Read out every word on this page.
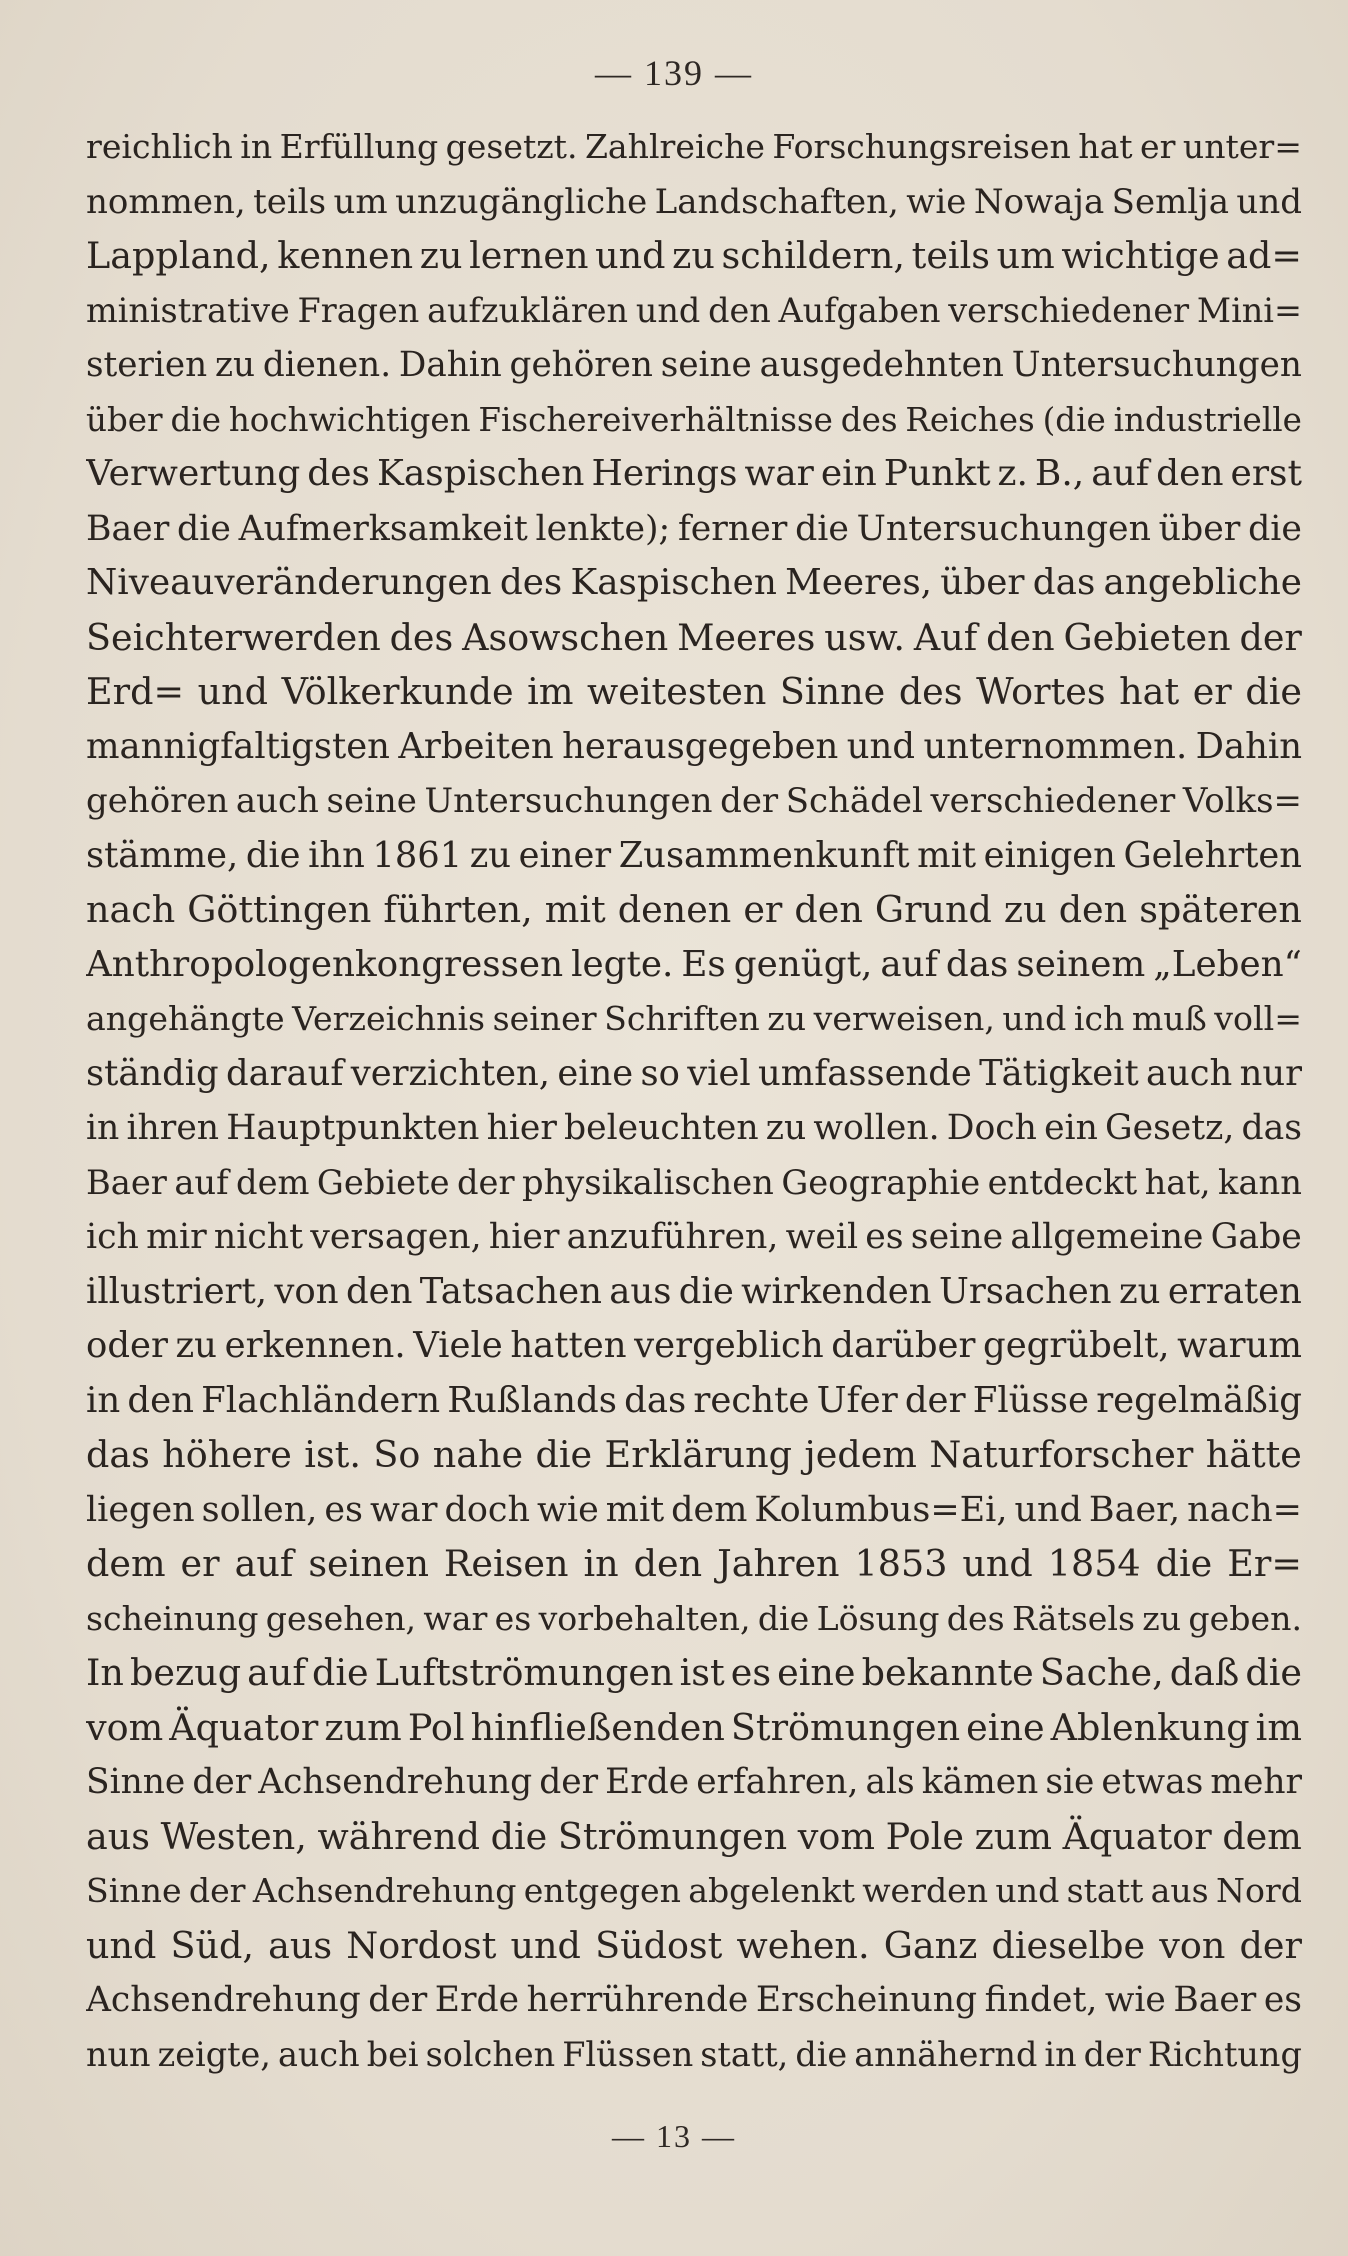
— 139 —
reichlich in Erfüllung gesetzt. Zahlreiche Forschungsreisen hat er unter=
nommen, teils um unzugängliche Landschaften, wie Nowaja Semlja und
Lappland, kennen zu lernen und zu schildern, teils um wichtige ad=
ministrative Fragen aufzuklären und den Aufgaben verschiedener Mini=
sterien zu dienen. Dahin gehören seine ausgedehnten Untersuchungen
über die hochwichtigen Fischereiverhältnisse des Reiches (die industrielle
Verwertung des Kaspischen Herings war ein Punkt z. B., auf den erst
Baer die Aufmerksamkeit lenkte); ferner die Untersuchungen über die
Niveauveränderungen des Kaspischen Meeres, über das angebliche
Seichterwerden des Asowschen Meeres usw. Auf den Gebieten der
Erd= und Völkerkunde im weitesten Sinne des Wortes hat er die
mannigfaltigsten Arbeiten herausgegeben und unternommen. Dahin
gehören auch seine Untersuchungen der Schädel verschiedener Volks=
stämme, die ihn 1861 zu einer Zusammenkunft mit einigen Gelehrten
nach Göttingen führten, mit denen er den Grund zu den späteren
Anthropologenkongressen legte. Es genügt, auf das seinem „Leben“
angehängte Verzeichnis seiner Schriften zu verweisen, und ich muß voll=
ständig darauf verzichten, eine so viel umfassende Tätigkeit auch nur
in ihren Hauptpunkten hier beleuchten zu wollen. Doch ein Gesetz, das
Baer auf dem Gebiete der physikalischen Geographie entdeckt hat, kann
ich mir nicht versagen, hier anzuführen, weil es seine allgemeine Gabe
illustriert, von den Tatsachen aus die wirkenden Ursachen zu erraten
oder zu erkennen. Viele hatten vergeblich darüber gegrübelt, warum
in den Flachländern Rußlands das rechte Ufer der Flüsse regelmäßig
das höhere ist. So nahe die Erklärung jedem Naturforscher hätte
liegen sollen, es war doch wie mit dem Kolumbus=Ei, und Baer, nach=
dem er auf seinen Reisen in den Jahren 1853 und 1854 die Er=
scheinung gesehen, war es vorbehalten, die Lösung des Rätsels zu geben.
In bezug auf die Luftströmungen ist es eine bekannte Sache, daß die
vom Äquator zum Pol hinfließenden Strömungen eine Ablenkung im
Sinne der Achsendrehung der Erde erfahren, als kämen sie etwas mehr
aus Westen, während die Strömungen vom Pole zum Äquator dem
Sinne der Achsendrehung entgegen abgelenkt werden und statt aus Nord
und Süd, aus Nordost und Südost wehen. Ganz dieselbe von der
Achsendrehung der Erde herrührende Erscheinung findet, wie Baer es
nun zeigte, auch bei solchen Flüssen statt, die annähernd in der Richtung
— 13 —
